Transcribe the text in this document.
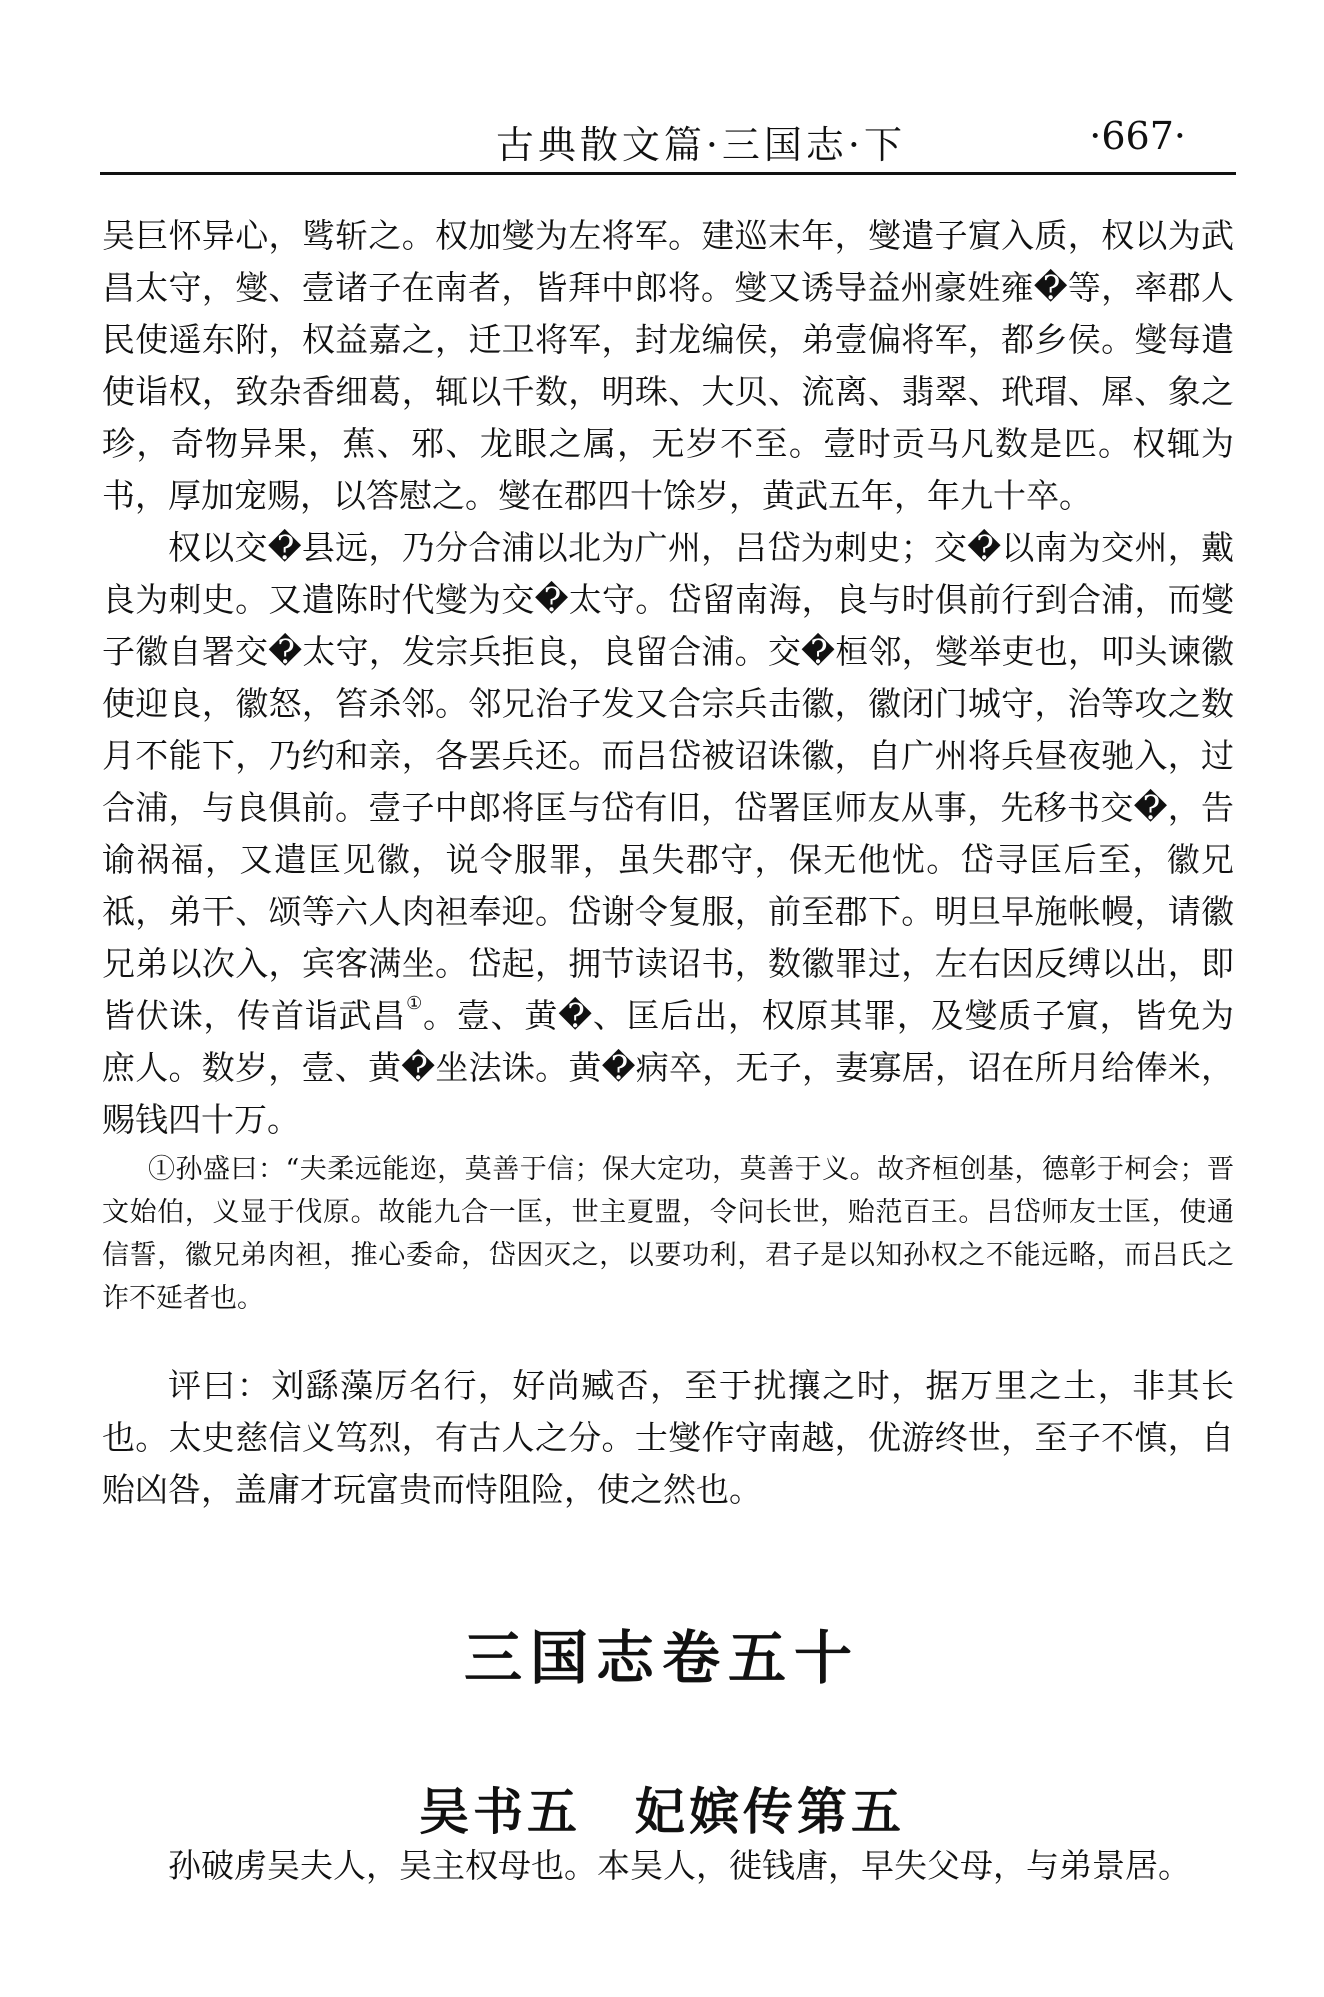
古典散文篇·三国志·下	·667·

吴巨怀异心，骘斩之。权加燮为左将军。建巡末年，燮遣子賔入质，权以为武昌太守，燮、壹诸子在南者，皆拜中郎将。燮又诱导益州豪姓雍�等，率郡人民使遥东附，权益嘉之，迁卫将军，封龙编侯，弟壹偏将军，都乡侯。燮每遣使诣权，致杂香细葛，辄以千数，明珠、大贝、流离、翡翠、玳瑁、犀、象之珍，奇物异果，蕉、邪、龙眼之属，无岁不至。壹时贡马凡数是匹。权辄为书，厚加宠赐，以答慰之。燮在郡四十馀岁，黄武五年，年九十卒。

权以交�县远，乃分合浦以北为广州，吕岱为刺史；交�以南为交州，戴良为刺史。又遣陈时代燮为交�太守。岱留南海，良与时俱前行到合浦，而燮子徽自署交�太守，发宗兵拒良，良留合浦。交�桓邻，燮举吏也，叩头谏徽使迎良，徽怒，笞杀邻。邻兄治子发又合宗兵击徽，徽闭门城守，治等攻之数月不能下，乃约和亲，各罢兵还。而吕岱被诏诛徽，自广州将兵昼夜驰入，过合浦，与良俱前。壹子中郎将匡与岱有旧，岱署匡师友从事，先移书交�，告谕祸福，又遣匡见徽，说令服罪，虽失郡守，保无他忧。岱寻匡后至，徽兄祗，弟干、颂等六人肉袒奉迎。岱谢令复服，前至郡下。明旦早施帐幔，请徽兄弟以次入，宾客满坐。岱起，拥节读诏书，数徽罪过，左右因反缚以出，即皆伏诛，传首诣武昌①。壹、黄�、匡后出，权原其罪，及燮质子賔，皆免为庶人。数岁，壹、黄�坐法诛。黄�病卒，无子，妻寡居，诏在所月给俸米，赐钱四十万。

①孙盛曰：“夫柔远能迩，莫善于信；保大定功，莫善于义。故齐桓创基，德彰于柯会；晋文始伯，义显于伐原。故能九合一匡，世主夏盟，令问长世，贻范百王。吕岱师友士匡，使通信誓，徽兄弟肉袒，推心委命，岱因灭之，以要功利，君子是以知孙权之不能远略，而吕氏之诈不延者也。

评曰：刘繇藻厉名行，好尚臧否，至于扰攘之时，据万里之土，非其长也。太史慈信义笃烈，有古人之分。士燮作守南越，优游终世，至子不慎，自贻凶咎，盖庸才玩富贵而恃阻险，使之然也。

三国志卷五十
吴书五　妃嫔传第五

孙破虏吴夫人，吴主权母也。本吴人，徙钱唐，早失父母，与弟景居。
